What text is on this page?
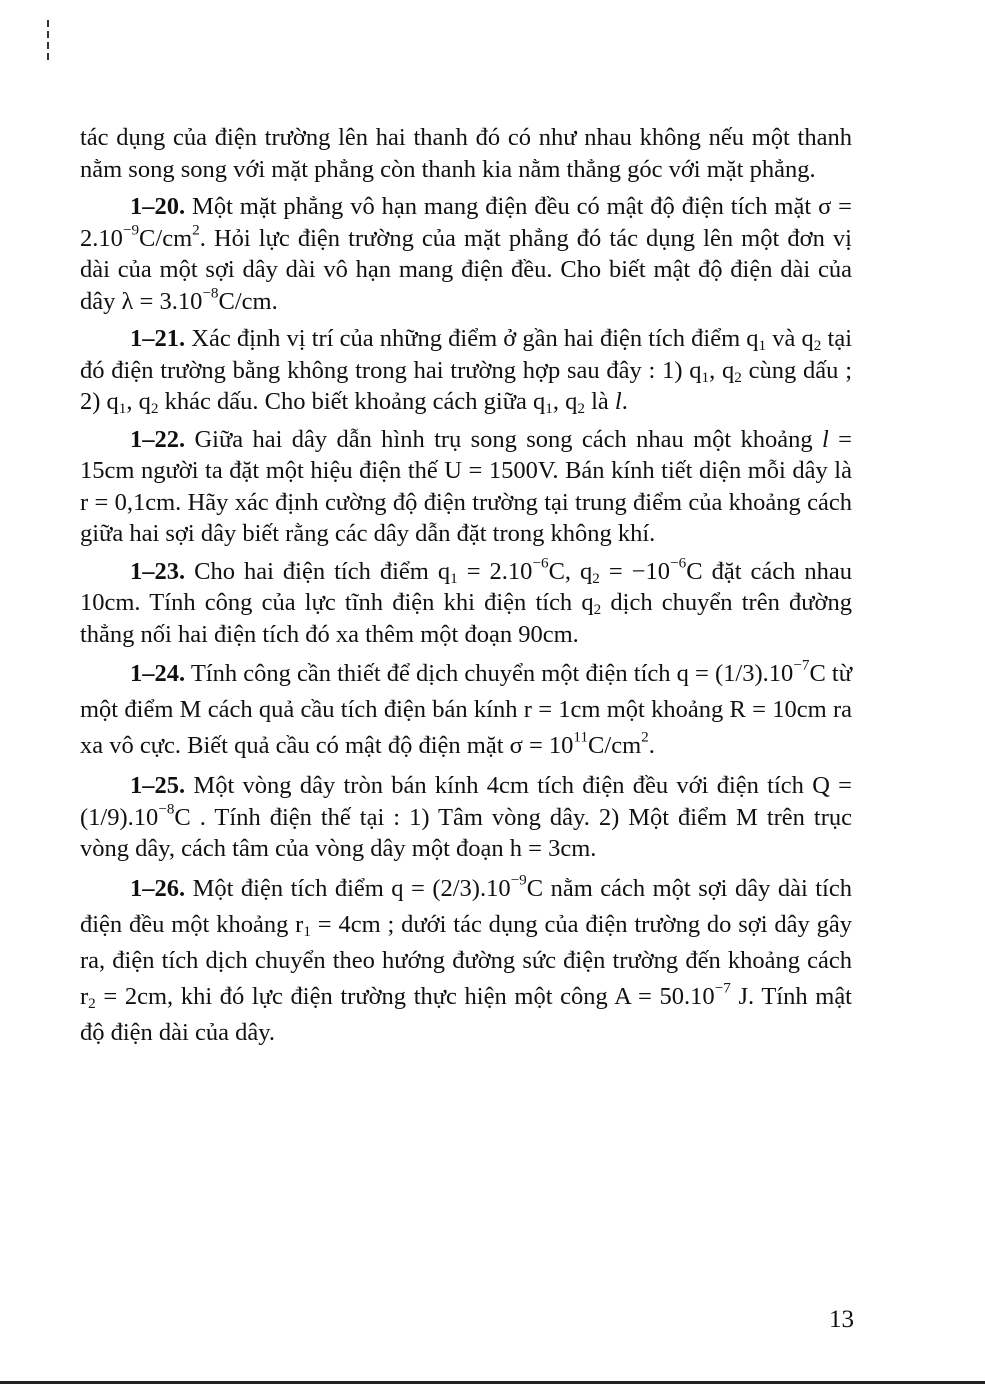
tác dụng của điện trường lên hai thanh đó có như nhau không nếu một thanh nằm song song với mặt phẳng còn thanh kia nằm thẳng góc với mặt phẳng.

1–20. Một mặt phẳng vô hạn mang điện đều có mật độ điện tích mặt $\sigma = 2.10^{-9}C/cm^2$. Hỏi lực điện trường của mặt phẳng đó tác dụng lên một đơn vị dài của một sợi dây dài vô hạn mang điện đều. Cho biết mật độ điện dài của dây $\lambda = 3.10^{-8}C/cm$.

1–21. Xác định vị trí của những điểm ở gần hai điện tích điểm $q_1$ và $q_2$ tại đó điện trường bằng không trong hai trường hợp sau đây : 1) $q_1$, $q_2$ cùng dấu ; 2) $q_1$, $q_2$ khác dấu. Cho biết khoảng cách giữa $q_1$, $q_2$ là l.

1–22. Giữa hai dây dẫn hình trụ song song cách nhau một khoảng l = 15cm người ta đặt một hiệu điện thế U = 1500V. Bán kính tiết diện mỗi dây là r = 0,1cm. Hãy xác định cường độ điện trường tại trung điểm của khoảng cách giữa hai sợi dây biết rằng các dây dẫn đặt trong không khí.

1–23. Cho hai điện tích điểm $q_1 = 2.10^{-6}C$, $q_2 = -10^{-6}C$ đặt cách nhau 10cm. Tính công của lực tĩnh điện khi điện tích $q_2$ dịch chuyển trên đường thẳng nối hai điện tích đó xa thêm một đoạn 90cm.

1–24. Tính công cần thiết để dịch chuyển một điện tích $q = (1/3).10^{-7}C$ từ một điểm M cách quả cầu tích điện bán kính r = 1cm một khoảng R = 10cm ra xa vô cực. Biết quả cầu có mật độ điện mặt $\sigma = 10^{11}C/cm^2$.

1–25. Một vòng dây tròn bán kính 4cm tích điện đều với điện tích $Q =(1/9).10^{-8}C$ . Tính điện thế tại : 1) Tâm vòng dây. 2) Một điểm M trên trục vòng dây, cách tâm của vòng dây một đoạn h = 3cm.

1–26. Một điện tích điểm $q = (2/3).10^{-9}C$ nằm cách một sợi dây dài tích điện đều một khoảng $r_1 = 4cm$ ; dưới tác dụng của điện trường do sợi dây gây ra, điện tích dịch chuyển theo hướng đường sức điện trường đến khoảng cách $r_2 = 2cm$, khi đó lực điện trường thực hiện một công $A = 50.10^{-7}$ J. Tính mật độ điện dài của dây.

13
